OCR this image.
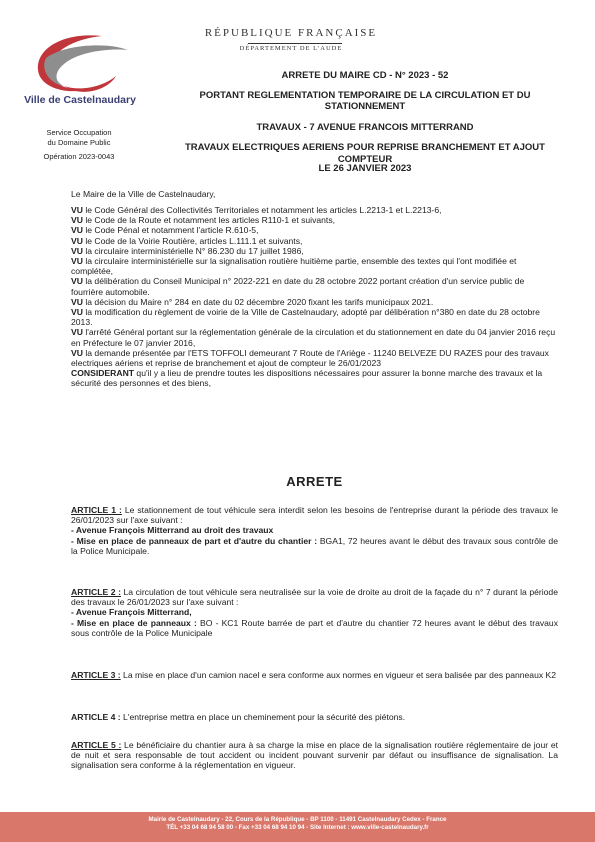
Ville de Castelnaudary
RÉPUBLIQUE FRANÇAISE
DÉPARTEMENT DE L'AUDE
Service Occupation
du Domaine Public
Opération 2023-0043
ARRETE DU MAIRE CD - N° 2023 - 52
PORTANT REGLEMENTATION TEMPORAIRE DE LA CIRCULATION ET DU
STATIONNEMENT
TRAVAUX - 7 AVENUE FRANCOIS MITTERRAND
TRAVAUX ELECTRIQUES AERIENS POUR REPRISE BRANCHEMENT ET AJOUT COMPTEUR
LE 26 JANVIER 2023
Le Maire de la Ville de Castelnaudary,
VU le Code Général des Collectivités Territoriales et notamment les articles L.2213-1 et L.2213-6,
VU le Code de la Route et notamment les articles R110-1 et suivants,
VU le Code Pénal et notamment l'article R.610-5,
VU le Code de la Voirie Routière, articles L.111.1 et suivants,
VU la circulaire interministérielle N° 86.230 du 17 juillet 1986,
VU la circulaire interministérielle sur la signalisation routière huitième partie, ensemble des textes qui l'ont modifiée et complétée,
VU la délibération du Conseil Municipal n° 2022-221 en date du 28 octobre 2022 portant création d'un service public de fourrière automobile.
VU la décision du Maire n° 284 en date du 02 décembre 2020 fixant les tarifs municipaux 2021.
VU la modification du règlement de voirie de la Ville de Castelnaudary, adopté par délibération n°380 en date du 28 octobre 2013.
VU l'arrêté Général portant sur la réglementation générale de la circulation et du stationnement en date du 04 janvier 2016 reçu en Préfecture le 07 janvier 2016,
VU la demande présentée par l'ETS TOFFOLI demeurant 7 Route de l'Ariège - 11240 BELVEZE DU RAZES pour des travaux electriques aériens et reprise de branchement et ajout de compteur le 26/01/2023
CONSIDERANT qu'il y a lieu de prendre toutes les dispositions nécessaires pour assurer la bonne marche des travaux et la sécurité des personnes et des biens,
ARRETE
ARTICLE 1 : Le stationnement de tout véhicule sera interdit selon les besoins de l'entreprise durant la période des travaux le 26/01/2023 sur l'axe suivant :
- Avenue François Mitterrand au droit des travaux
- Mise en place de panneaux de part et d'autre du chantier : BGA1, 72 heures avant le début des travaux sous contrôle de la Police Municipale.
ARTICLE 2 : La circulation de tout véhicule sera neutralisée sur la voie de droite au droit de la façade du n° 7 durant la période des travaux le 26/01/2023 sur l'axe suivant :
- Avenue François Mitterrand,
- Mise en place de panneaux : BO - KC1 Route barrée de part et d'autre du chantier 72 heures avant le début des travaux sous contrôle de la Police Municipale
ARTICLE 3 : La mise en place d'un camion nacel e sera conforme aux normes en vigueur et sera balisée par des panneaux K2
ARTICLE 4 : L'entreprise mettra en place un cheminement pour la sécurité des piétons.
ARTICLE 5 : Le bénéficiaire du chantier aura à sa charge la mise en place de la signalisation routière réglementaire de jour et de nuit et sera responsable de tout accident ou incident pouvant survenir par défaut ou insuffisance de signalisation. La signalisation sera conforme à la réglementation en vigueur.
Mairie de Castelnaudary - 22, Cours de la République - BP 1100 - 11491 Castelnaudary Cedex - France
TÉL +33 04 68 94 58 00 - Fax +33 04 68 94 10 94 - Site Internet : www.ville-castelnaudary.fr
